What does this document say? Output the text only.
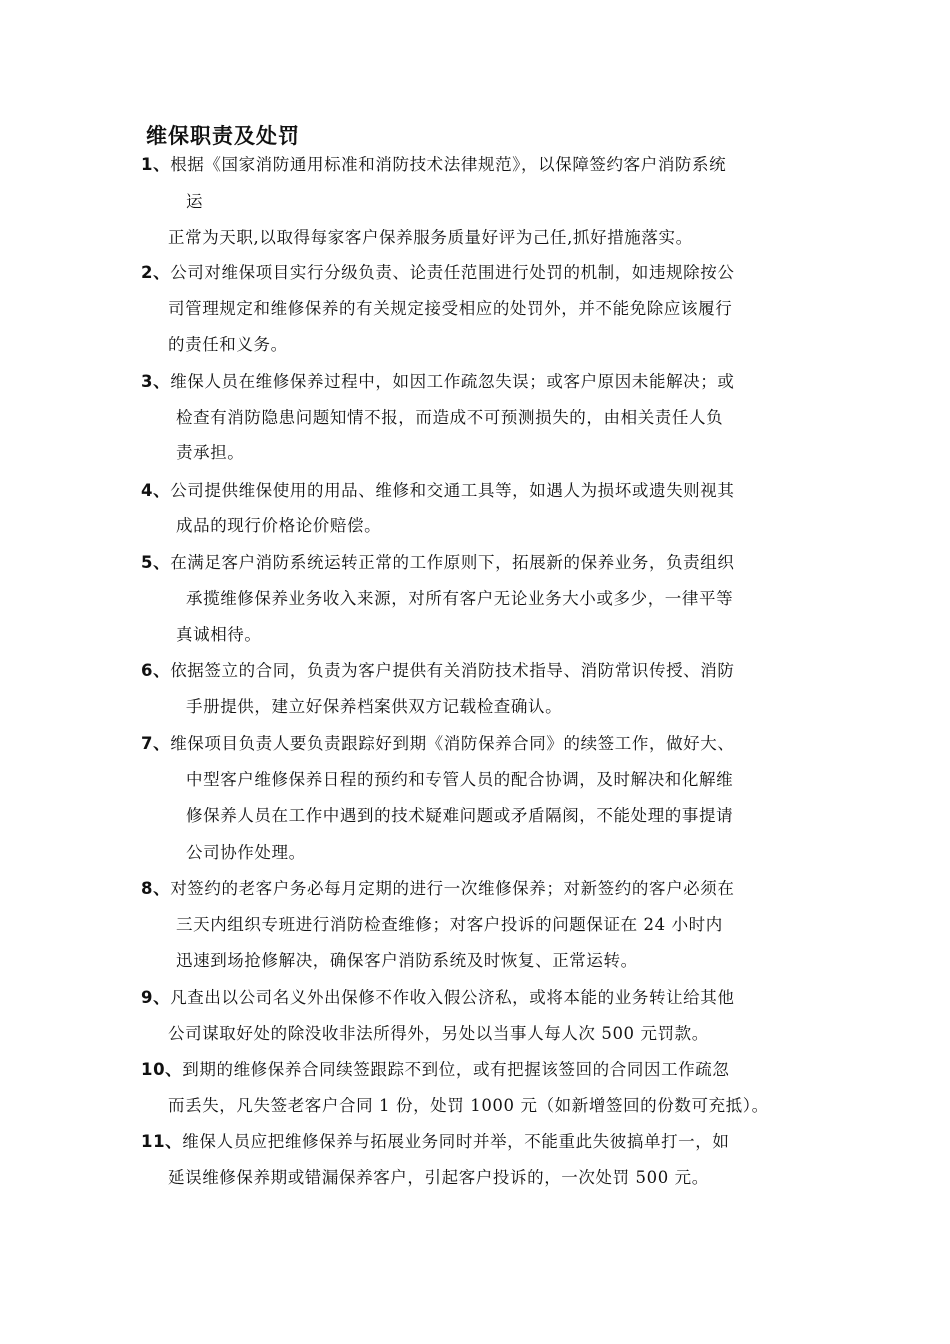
维保职责及处罚
1、根据《国家消防通用标准和消防技术法律规范》，以保障签约客户消防系统
运
正常为天职,以取得每家客户保养服务质量好评为己任,抓好措施落实。
2、公司对维保项目实行分级负责、论责任范围进行处罚的机制，如违规除按公
司管理规定和维修保养的有关规定接受相应的处罚外，并不能免除应该履行
的责任和义务。
3、维保人员在维修保养过程中，如因工作疏忽失误；或客户原因未能解决；或
检查有消防隐患问题知情不报，而造成不可预测损失的，由相关责任人负
责承担。
4、公司提供维保使用的用品、维修和交通工具等，如遇人为损坏或遗失则视其
成品的现行价格论价赔偿。
5、在满足客户消防系统运转正常的工作原则下，拓展新的保养业务，负责组织
承揽维修保养业务收入来源，对所有客户无论业务大小或多少，一律平等
真诚相待。
6、依据签立的合同，负责为客户提供有关消防技术指导、消防常识传授、消防
手册提供，建立好保养档案供双方记载检查确认。
7、维保项目负责人要负责跟踪好到期《消防保养合同》的续签工作，做好大、
中型客户维修保养日程的预约和专管人员的配合协调，及时解决和化解维
修保养人员在工作中遇到的技术疑难问题或矛盾隔阂，不能处理的事提请
公司协作处理。
8、对签约的老客户务必每月定期的进行一次维修保养；对新签约的客户必须在
三天内组织专班进行消防检查维修；对客户投诉的问题保证在 24 小时内
迅速到场抢修解决，确保客户消防系统及时恢复、正常运转。
9、凡查出以公司名义外出保修不作收入假公济私，或将本能的业务转让给其他
公司谋取好处的除没收非法所得外，另处以当事人每人次 500 元罚款。
10、到期的维修保养合同续签跟踪不到位，或有把握该签回的合同因工作疏忽
而丢失，凡失签老客户合同 1 份，处罚 1000 元（如新增签回的份数可充抵）。
11、维保人员应把维修保养与拓展业务同时并举，不能重此失彼搞单打一，如
延误维修保养期或错漏保养客户，引起客户投诉的，一次处罚 500 元。
